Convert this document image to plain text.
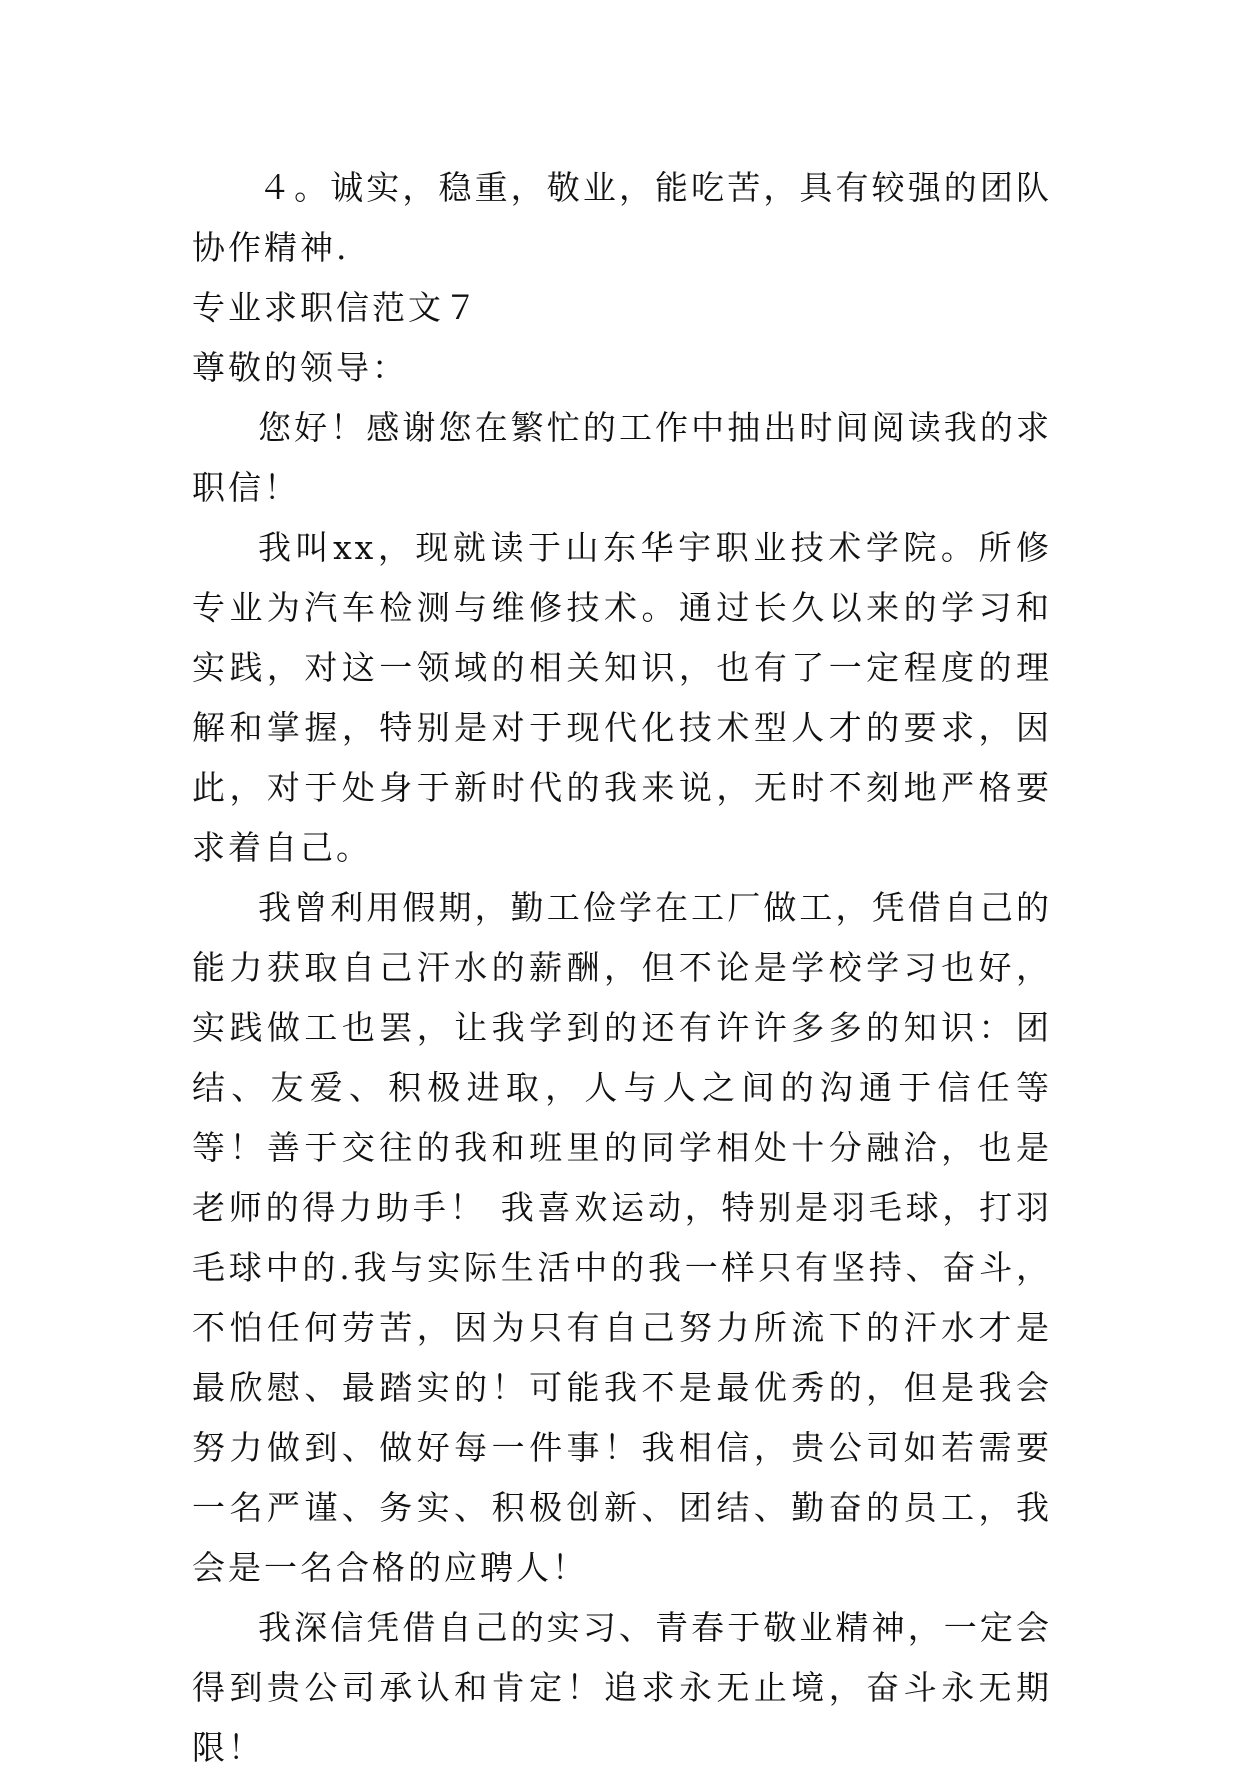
４。诚实，稳重，敬业，能吃苦，具有较强的团队协作精神.

专业求职信范文７

尊敬的领导：

您好！感谢您在繁忙的工作中抽出时间阅读我的求职信！

我叫xx，现就读于山东华宇职业技术学院。所修专业为汽车检测与维修技术。通过长久以来的学习和实践，对这一领域的相关知识，也有了一定程度的理解和掌握，特别是对于现代化技术型人才的要求，因此，对于处身于新时代的我来说，无时不刻地严格要求着自己。

我曾利用假期，勤工俭学在工厂做工，凭借自己的能力获取自己汗水的薪酬，但不论是学校学习也好，实践做工也罢，让我学到的还有许许多多的知识：团结、友爱、积极进取，人与人之间的沟通于信任等等！善于交往的我和班里的同学相处十分融洽，也是老师的得力助手！ 我喜欢运动，特别是羽毛球，打羽毛球中的.我与实际生活中的我一样只有坚持、奋斗，不怕任何劳苦，因为只有自己努力所流下的汗水才是最欣慰、最踏实的！可能我不是最优秀的，但是我会努力做到、做好每一件事！我相信，贵公司如若需要一名严谨、务实、积极创新、团结、勤奋的员工，我会是一名合格的应聘人！

我深信凭借自己的实习、青春于敬业精神，一定会得到贵公司承认和肯定！追求永无止境，奋斗永无期限！
